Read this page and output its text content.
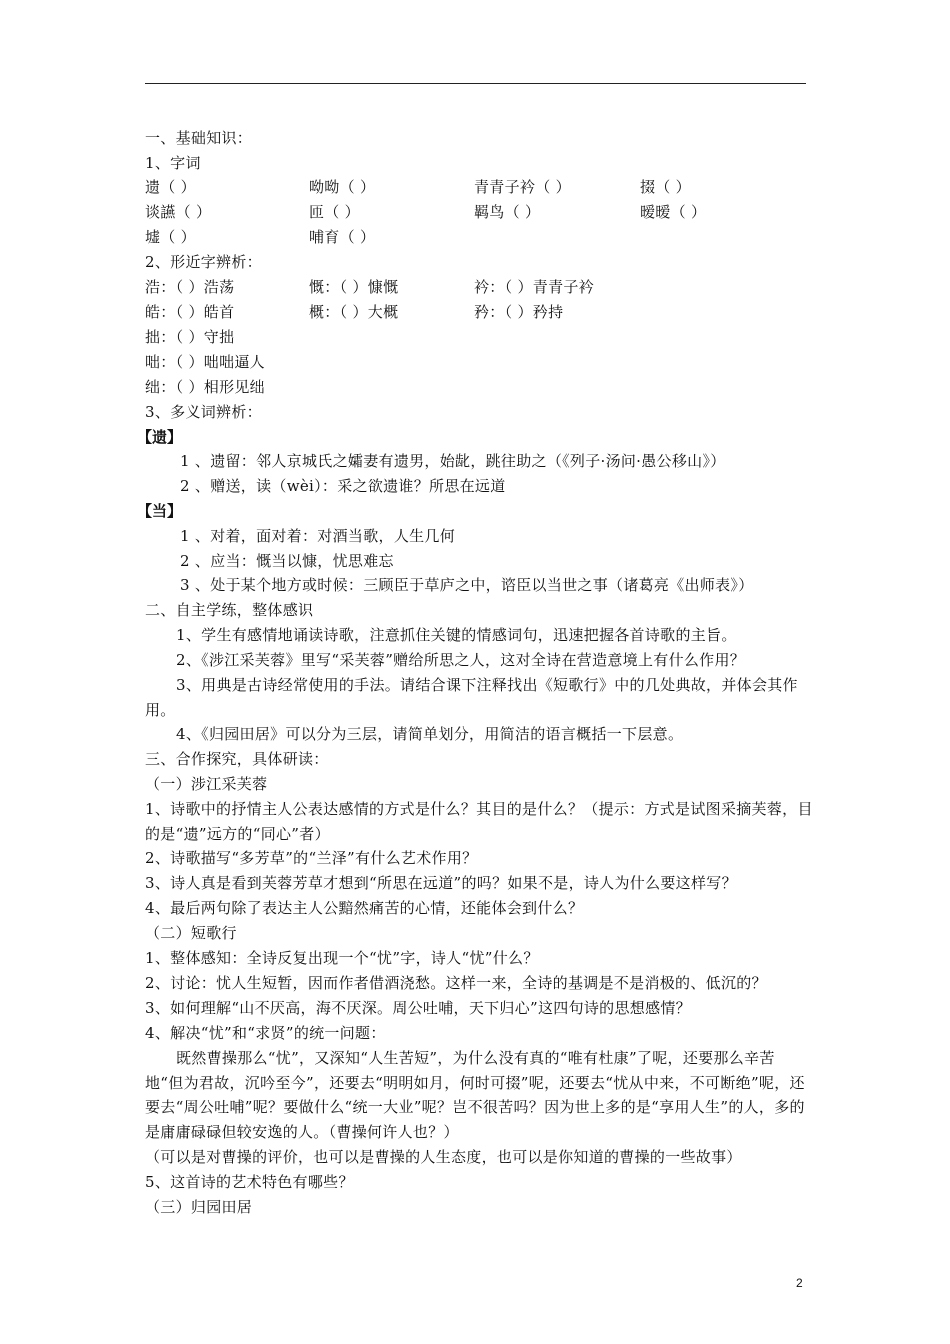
一、基础知识：
1、字词
遗（ ）	呦呦（ ）	青青子衿（ ）	掇（ ）
谈讌（ ）	匝（ ）	羁鸟（ ）	暧暧（ ）
墟（ ）	哺育（ ）
2、形近字辨析：
浩：（ ）浩荡	慨：（ ）慷慨	衿：（ ）青青子衿
皓：（ ）皓首	概：（ ）大概	矜：（ ）矜持
拙：（ ）守拙
咄：（ ）咄咄逼人
绌：（ ）相形见绌
3、多义词辨析：
【遗】
1 、遗留：邻人京城氏之孀妻有遗男，始龀，跳往助之（《列子·汤问·愚公移山》）
2 、赠送，读（wèi）：采之欲遗谁？所思在远道
【当】
1 、对着，面对着：对酒当歌，人生几何
2 、应当：慨当以慷，忧思难忘
3 、处于某个地方或时候：三顾臣于草庐之中，谘臣以当世之事（诸葛亮《出师表》）
二、自主学练，整体感识
1、学生有感情地诵读诗歌，注意抓住关键的情感词句，迅速把握各首诗歌的主旨。
2、《涉江采芙蓉》里写“采芙蓉”赠给所思之人，这对全诗在营造意境上有什么作用？
3、用典是古诗经常使用的手法。请结合课下注释找出《短歌行》中的几处典故，并体会其作用。
4、《归园田居》可以分为三层，请简单划分，用简洁的语言概括一下层意。
三、合作探究，具体研读：
（一）涉江采芙蓉
1、诗歌中的抒情主人公表达感情的方式是什么？其目的是什么？（提示：方式是试图采摘芙蓉，目的是“遗”远方的“同心”者）
2、诗歌描写“多芳草”的“兰泽”有什么艺术作用？
3、诗人真是看到芙蓉芳草才想到“所思在远道”的吗？如果不是，诗人为什么要这样写？
4、最后两句除了表达主人公黯然痛苦的心情，还能体会到什么？
（二）短歌行
1、整体感知：全诗反复出现一个“忧”字，诗人“忧”什么？
2、讨论：忧人生短暂，因而作者借酒浇愁。这样一来，全诗的基调是不是消极的、低沉的？
3、如何理解“山不厌高，海不厌深。周公吐哺，天下归心”这四句诗的思想感情？
4、解决“忧”和“求贤”的统一问题：
既然曹操那么“忧”，又深知“人生苦短”，为什么没有真的“唯有杜康”了呢，还要那么辛苦地“但为君故，沉吟至今”，还要去“明明如月，何时可掇”呢，还要去“忧从中来，不可断绝”呢，还要去“周公吐哺”呢？要做什么“统一大业”呢？岂不很苦吗？因为世上多的是“享用人生”的人，多的是庸庸碌碌但较安逸的人。（曹操何许人也？）
（可以是对曹操的评价，也可以是曹操的人生态度，也可以是你知道的曹操的一些故事）
5、这首诗的艺术特色有哪些？
（三）归园田居
2
